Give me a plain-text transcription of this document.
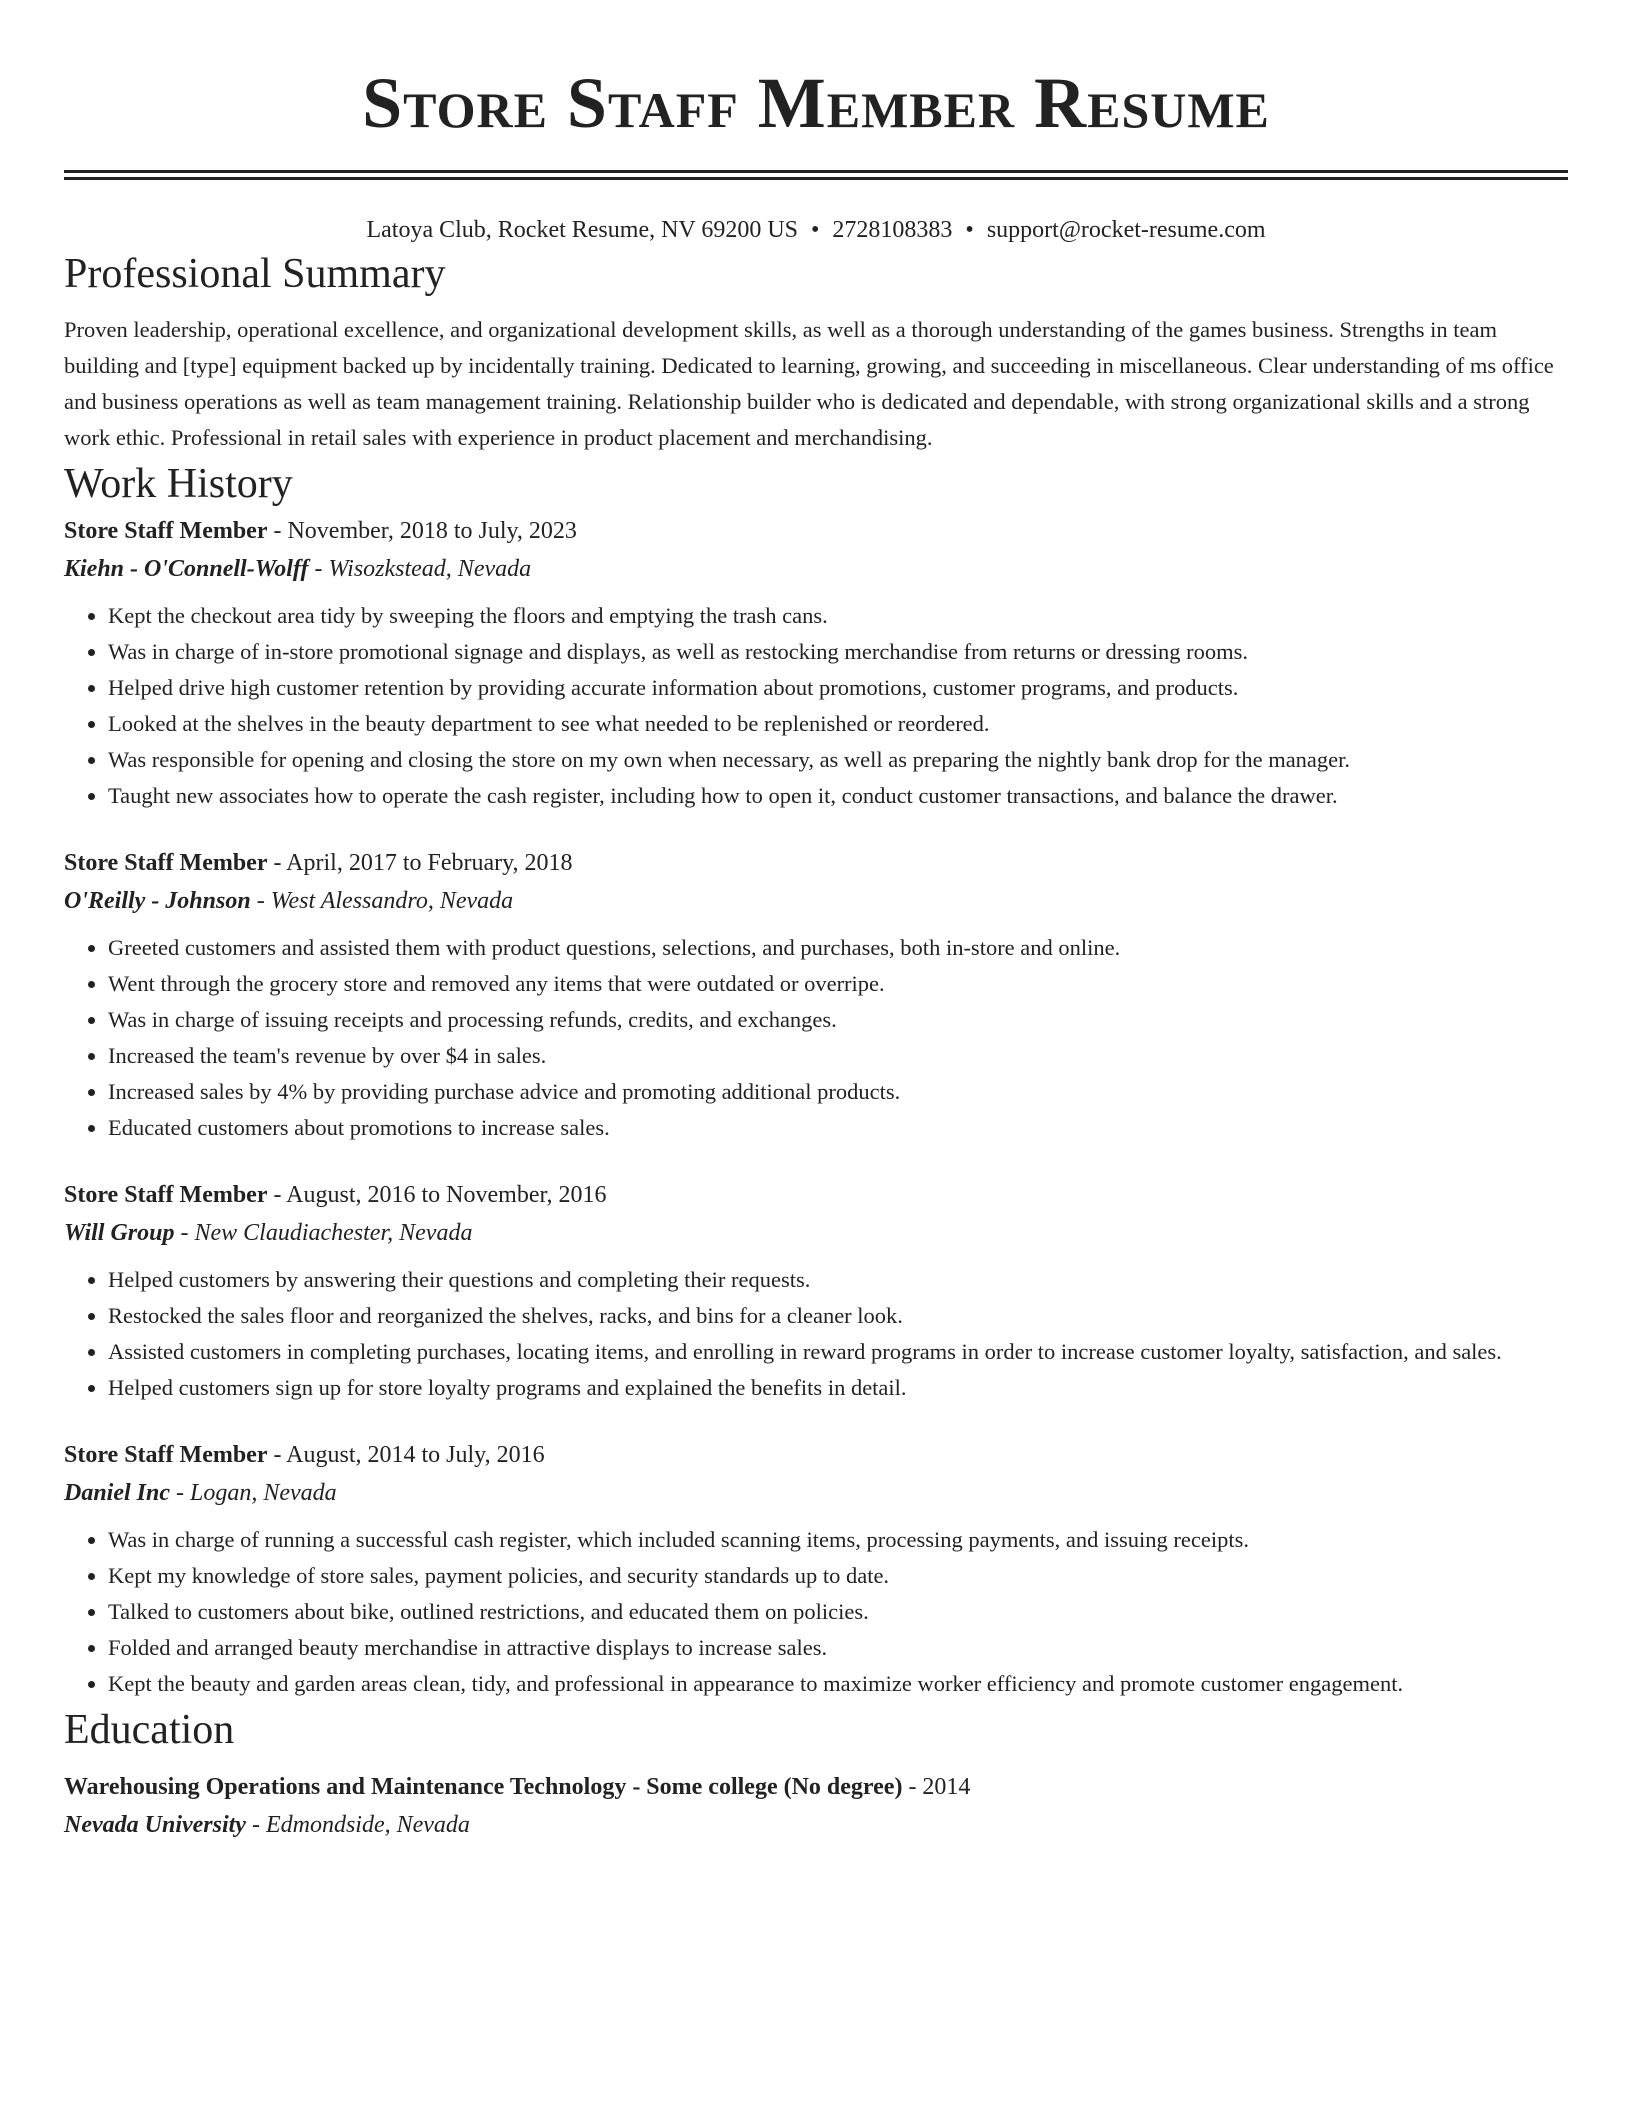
Store Staff Member Resume
Latoya Club, Rocket Resume, NV 69200 US • 2728108383 • support@rocket-resume.com
Professional Summary
Proven leadership, operational excellence, and organizational development skills, as well as a thorough understanding of the games business. Strengths in team building and [type] equipment backed up by incidentally training. Dedicated to learning, growing, and succeeding in miscellaneous. Clear understanding of ms office and business operations as well as team management training. Relationship builder who is dedicated and dependable, with strong organizational skills and a strong work ethic. Professional in retail sales with experience in product placement and merchandising.
Work History
Store Staff Member - November, 2018 to July, 2023
Kiehn - O'Connell-Wolff - Wisozkstead, Nevada
• Kept the checkout area tidy by sweeping the floors and emptying the trash cans.
• Was in charge of in-store promotional signage and displays, as well as restocking merchandise from returns or dressing rooms.
• Helped drive high customer retention by providing accurate information about promotions, customer programs, and products.
• Looked at the shelves in the beauty department to see what needed to be replenished or reordered.
• Was responsible for opening and closing the store on my own when necessary, as well as preparing the nightly bank drop for the manager.
• Taught new associates how to operate the cash register, including how to open it, conduct customer transactions, and balance the drawer.
Store Staff Member - April, 2017 to February, 2018
O'Reilly - Johnson - West Alessandro, Nevada
• Greeted customers and assisted them with product questions, selections, and purchases, both in-store and online.
• Went through the grocery store and removed any items that were outdated or overripe.
• Was in charge of issuing receipts and processing refunds, credits, and exchanges.
• Increased the team's revenue by over $4 in sales.
• Increased sales by 4% by providing purchase advice and promoting additional products.
• Educated customers about promotions to increase sales.
Store Staff Member - August, 2016 to November, 2016
Will Group - New Claudiachester, Nevada
• Helped customers by answering their questions and completing their requests.
• Restocked the sales floor and reorganized the shelves, racks, and bins for a cleaner look.
• Assisted customers in completing purchases, locating items, and enrolling in reward programs in order to increase customer loyalty, satisfaction, and sales.
• Helped customers sign up for store loyalty programs and explained the benefits in detail.
Store Staff Member - August, 2014 to July, 2016
Daniel Inc - Logan, Nevada
• Was in charge of running a successful cash register, which included scanning items, processing payments, and issuing receipts.
• Kept my knowledge of store sales, payment policies, and security standards up to date.
• Talked to customers about bike, outlined restrictions, and educated them on policies.
• Folded and arranged beauty merchandise in attractive displays to increase sales.
• Kept the beauty and garden areas clean, tidy, and professional in appearance to maximize worker efficiency and promote customer engagement.
Education
Warehousing Operations and Maintenance Technology - Some college (No degree) - 2014
Nevada University - Edmondside, Nevada
